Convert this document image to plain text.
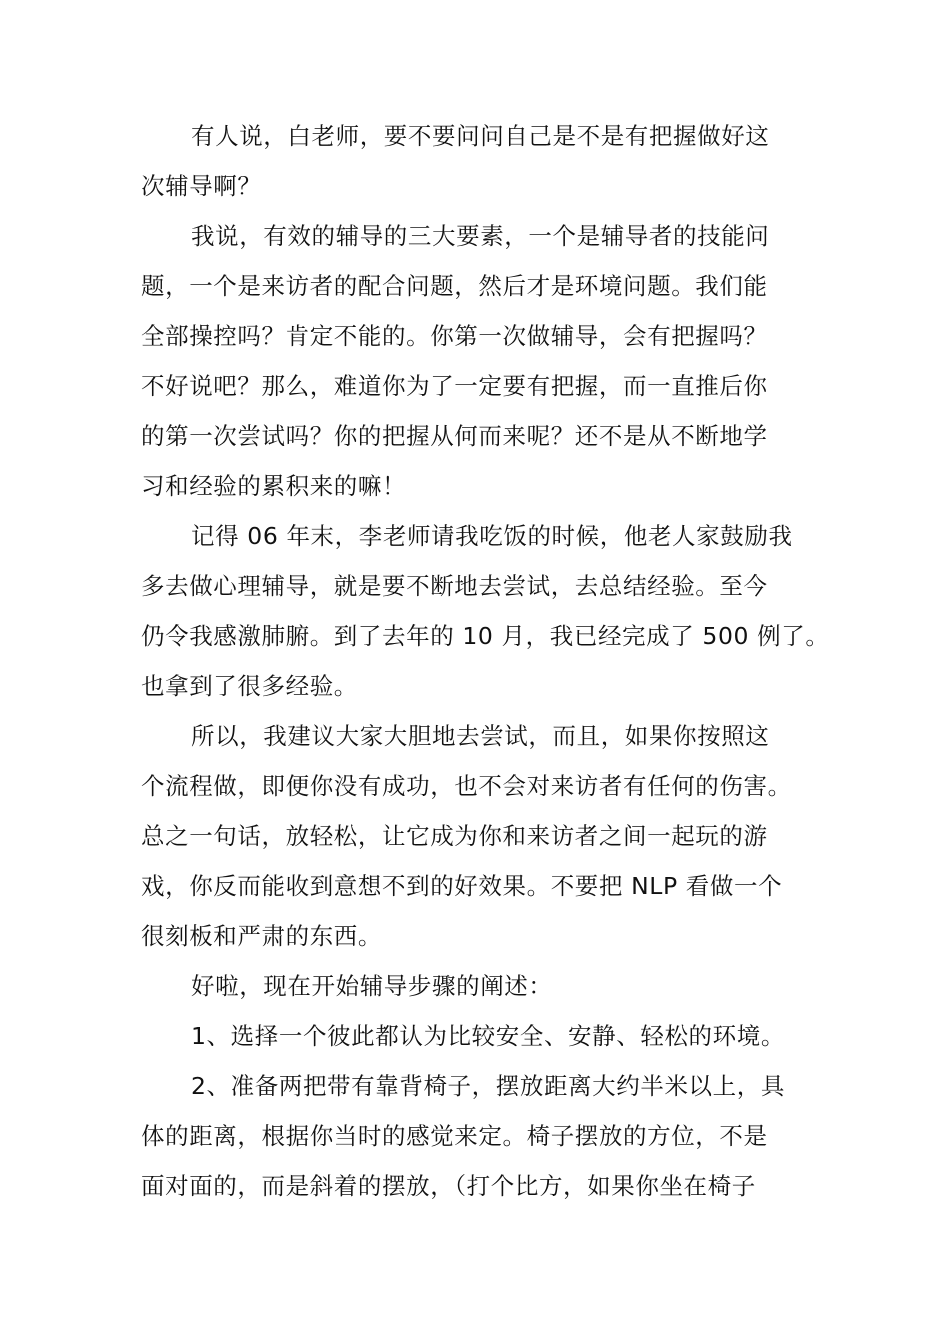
有人说，白老师，要不要问问自己是不是有把握做好这
次辅导啊？
我说，有效的辅导的三大要素，一个是辅导者的技能问
题，一个是来访者的配合问题，然后才是环境问题。我们能
全部操控吗？肯定不能的。你第一次做辅导，会有把握吗？
不好说吧？那么，难道你为了一定要有把握，而一直推后你
的第一次尝试吗？你的把握从何而来呢？还不是从不断地学
习和经验的累积来的嘛！
记得 06 年末，李老师请我吃饭的时候，他老人家鼓励我
多去做心理辅导，就是要不断地去尝试，去总结经验。至今
仍令我感激肺腑。到了去年的 10 月，我已经完成了 500 例了。
也拿到了很多经验。
所以，我建议大家大胆地去尝试，而且，如果你按照这
个流程做，即便你没有成功，也不会对来访者有任何的伤害。
总之一句话，放轻松，让它成为你和来访者之间一起玩的游
戏，你反而能收到意想不到的好效果。不要把 NLP 看做一个
很刻板和严肃的东西。
好啦，现在开始辅导步骤的阐述：
1、选择一个彼此都认为比较安全、安静、轻松的环境。
2、准备两把带有靠背椅子，摆放距离大约半米以上，具
体的距离，根据你当时的感觉来定。椅子摆放的方位，不是
面对面的，而是斜着的摆放，（打个比方，如果你坐在椅子
